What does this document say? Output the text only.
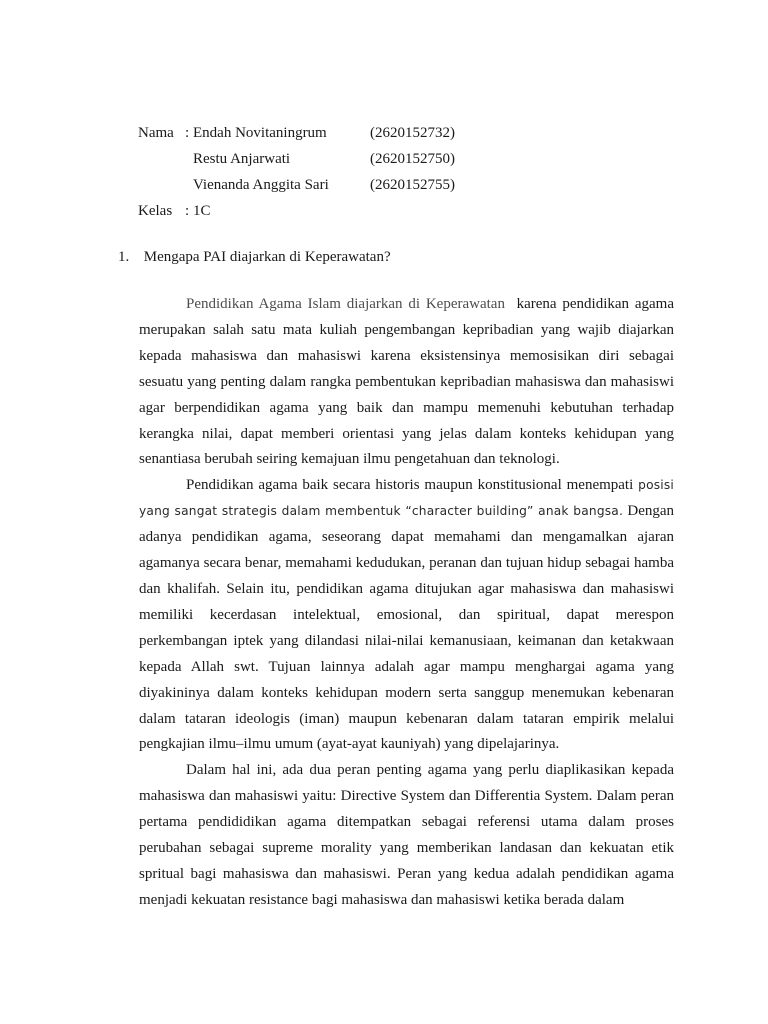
Nama : Endah Novitaningrum	(2620152732)
Restu Anjarwati	(2620152750)
Vienanda Anggita Sari	(2620152755)
Kelas : 1C
1. Mengapa PAI diajarkan di Keperawatan?

Pendidikan Agama Islam diajarkan di Keperawatan karena pendidikan agama merupakan salah satu mata kuliah pengembangan kepribadian yang wajib diajarkan kepada mahasiswa dan mahasiswi karena eksistensinya memosisikan diri sebagai sesuatu yang penting dalam rangka pembentukan kepribadian mahasiswa dan mahasiswi agar berpendidikan agama yang baik dan mampu memenuhi kebutuhan terhadap kerangka nilai, dapat memberi orientasi yang jelas dalam konteks kehidupan yang senantiasa berubah seiring kemajuan ilmu pengetahuan dan teknologi.

Pendidikan agama baik secara historis maupun konstitusional menempati posisi yang sangat strategis dalam membentuk “character building” anak bangsa. Dengan adanya pendidikan agama, seseorang dapat memahami dan mengamalkan ajaran agamanya secara benar, memahami kedudukan, peranan dan tujuan hidup sebagai hamba dan khalifah. Selain itu, pendidikan agama ditujukan agar mahasiswa dan mahasiswi memiliki kecerdasan intelektual, emosional, dan spiritual, dapat merespon perkembangan iptek yang dilandasi nilai-nilai kemanusiaan, keimanan dan ketakwaan kepada Allah swt. Tujuan lainnya adalah agar mampu menghargai agama yang diyakininya dalam konteks kehidupan modern serta sanggup menemukan kebenaran dalam tataran ideologis (iman) maupun kebenaran dalam tataran empirik melalui pengkajian ilmu–ilmu umum (ayat-ayat kauniyah) yang dipelajarinya.

Dalam hal ini, ada dua peran penting agama yang perlu diaplikasikan kepada mahasiswa dan mahasiswi yaitu: Directive System dan Differentia System. Dalam peran pertama pendididikan agama ditempatkan sebagai referensi utama dalam proses perubahan sebagai supreme morality yang memberikan landasan dan kekuatan etik spritual bagi mahasiswa dan mahasiswi. Peran yang kedua adalah pendidikan agama menjadi kekuatan resistance bagi mahasiswa dan mahasiswi ketika berada dalam
